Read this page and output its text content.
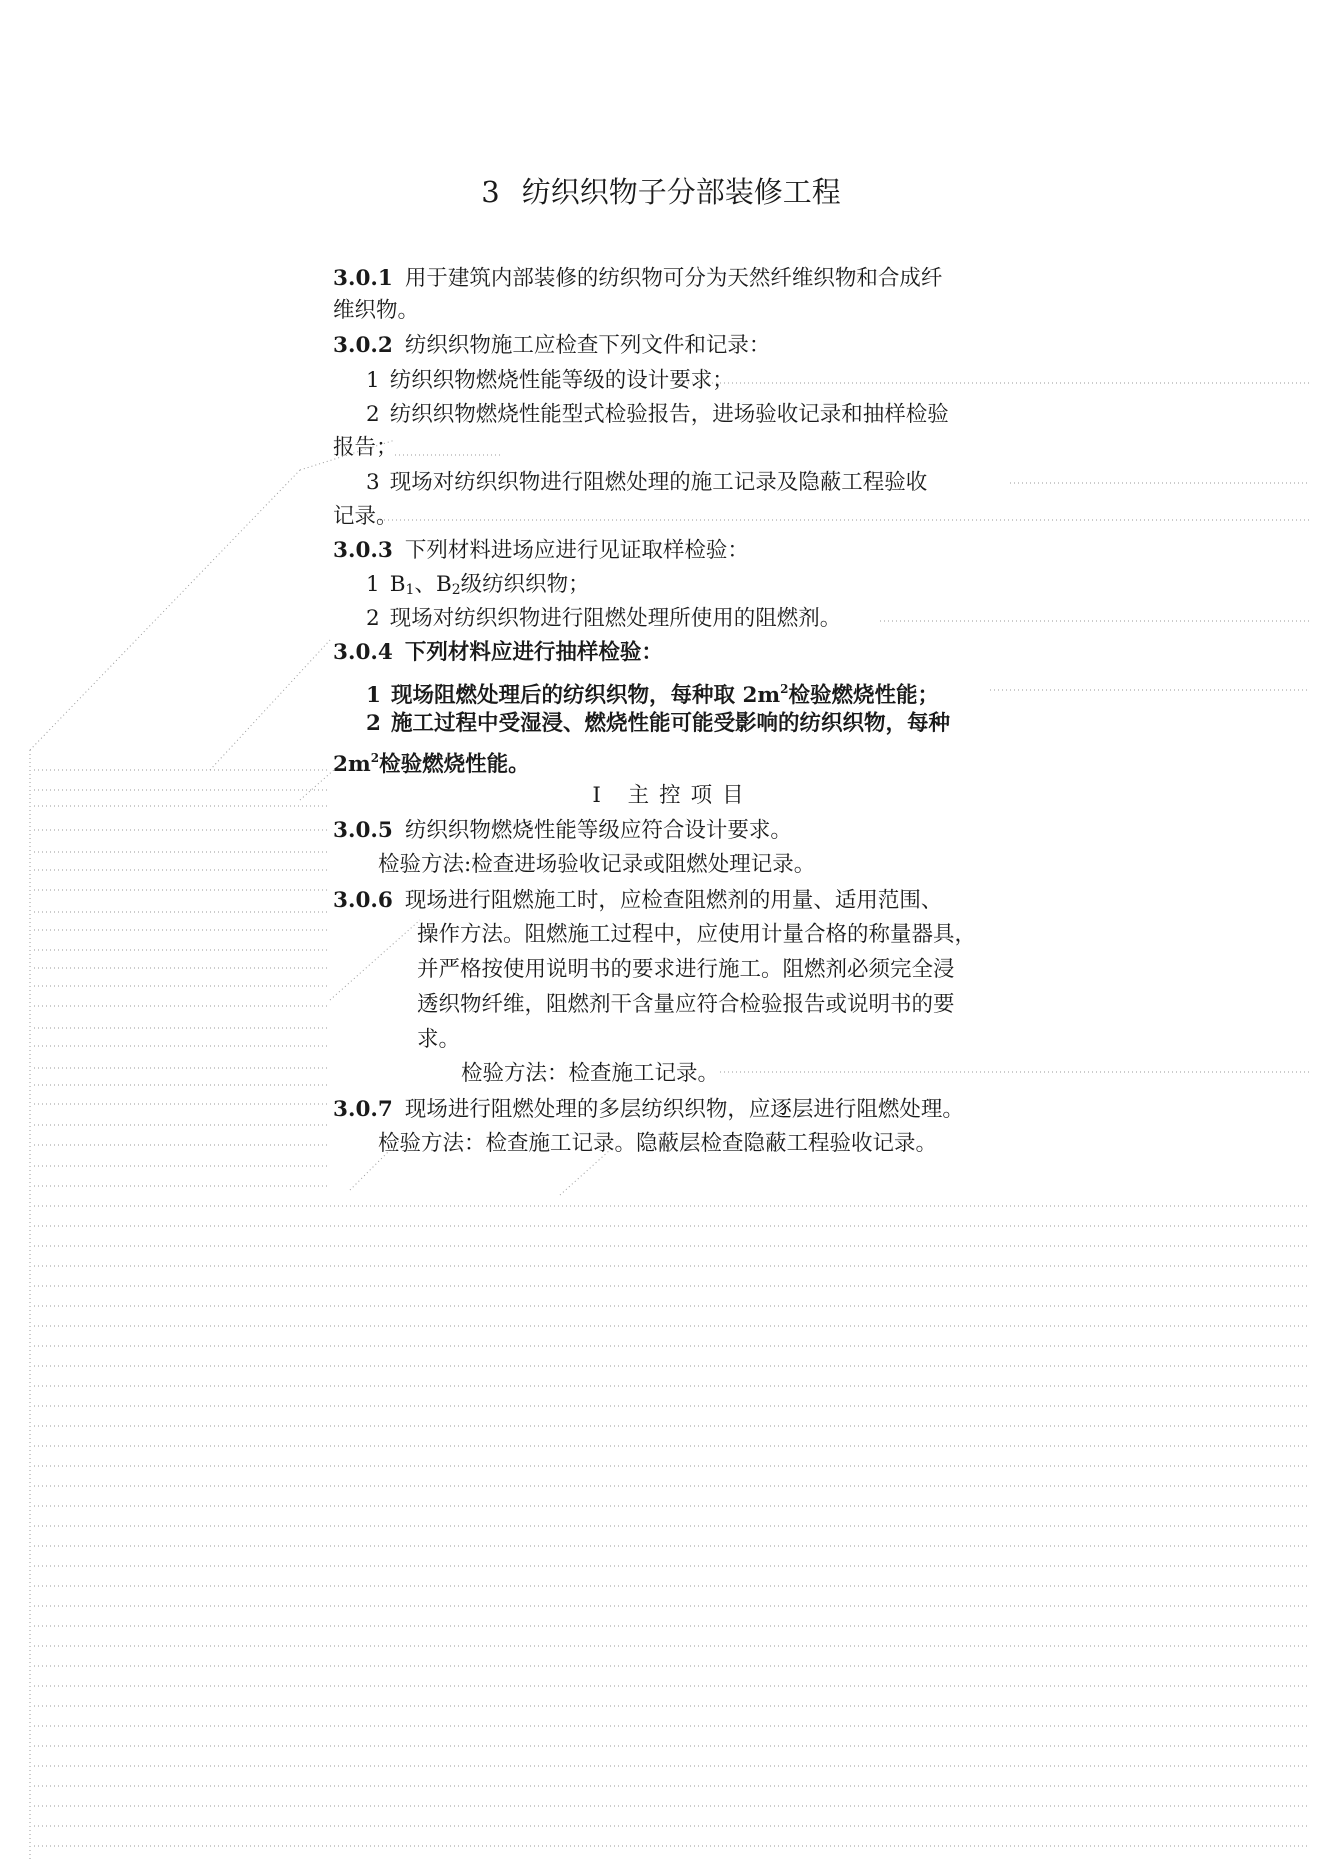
3 纺织织物子分部装修工程
3.0.1 用于建筑内部装修的纺织物可分为天然纤维织物和合成纤
维织物。
3.0.2 纺织织物施工应检查下列文件和记录：
1 纺织织物燃烧性能等级的设计要求；
2 纺织织物燃烧性能型式检验报告，进场验收记录和抽样检验
报告；
3 现场对纺织织物进行阻燃处理的施工记录及隐蔽工程验收
记录。
3.0.3 下列材料进场应进行见证取样检验：
1 $B_1$、$B_2$级纺织织物；
2 现场对纺织织物进行阻燃处理所使用的阻燃剂。
3.0.4 下列材料应进行抽样检验：
1 现场阻燃处理后的纺织织物，每种取 $2m^2$检验燃烧性能；
2 施工过程中受湿浸、燃烧性能可能受影响的纺织织物，每种
$2m^2$检验燃烧性能。
Ⅰ 主控项目
3.0.5 纺织织物燃烧性能等级应符合设计要求。
检验方法:检查进场验收记录或阻燃处理记录。
3.0.6 现场进行阻燃施工时，应检查阻燃剂的用量、适用范围、
操作方法。阻燃施工过程中，应使用计量合格的称量器具，
并严格按使用说明书的要求进行施工。阻燃剂必须完全浸
透织物纤维，阻燃剂干含量应符合检验报告或说明书的要
求。
检验方法：检查施工记录。
3.0.7 现场进行阻燃处理的多层纺织织物，应逐层进行阻燃处理。
检验方法：检查施工记录。隐蔽层检查隐蔽工程验收记录。
